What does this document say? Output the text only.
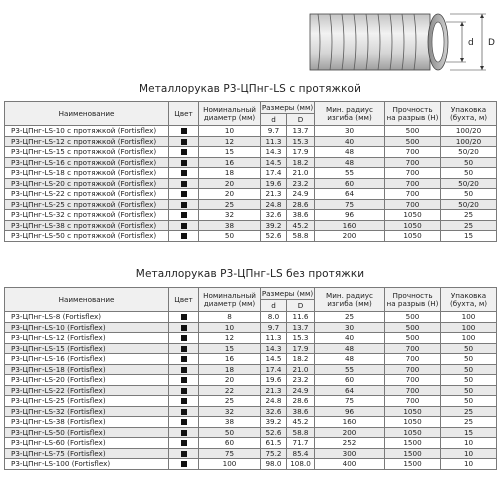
d D
Металлорукав Р3-ЦПнг-LS с протяжкой
Наименование	Цвет	Номинальный
диаметр (мм)	Размеры (мм)		Мин. радиус
изгиба (мм)	Прочность
на разрыв (Н)	Упаковка
(бухта, м)
			d	D			
Р3-ЦПнг-LS-10 с протяжкой (Fortisflex)		10	9.7	13.7	30	500	100/20
Р3-ЦПнг-LS-12 с протяжкой (Fortisflex)		12	11.3	15.3	40	500	100/20
Р3-ЦПнг-LS-15 с протяжкой (Fortisflex)		15	14.3	17.9	48	700	50/20
Р3-ЦПнг-LS-16 с протяжкой (Fortisflex)		16	14.5	18.2	48	700	50
Р3-ЦПнг-LS-18 с протяжкой (Fortisflex)		18	17.4	21.0	55	700	50
Р3-ЦПнг-LS-20 с протяжкой (Fortisflex)		20	19.6	23.2	60	700	50/20
Р3-ЦПнг-LS-22 с протяжкой (Fortisflex)		20	21.3	24.9	64	700	50
Р3-ЦПнг-LS-25 с протяжкой (Fortisflex)		25	24.8	28.6	75	700	50/20
Р3-ЦПнг-LS-32 с протяжкой (Fortisflex)		32	32.6	38.6	96	1050	25
Р3-ЦПнг-LS-38 с протяжкой (Fortisflex)		38	39.2	45.2	160	1050	25
Р3-ЦПнг-LS-50 с протяжкой (Fortisflex)		50	52.6	58.8	200	1050	15
Металлорукав Р3-ЦПнг-LS без протяжки
Наименование	Цвет	Номинальный
диаметр (мм)	Размеры (мм)		Мин. радиус
изгиба (мм)	Прочность
на разрыв (Н)	Упаковка
(бухта, м)
			d	D			
Р3-ЦПнг-LS-8 (Fortisflex)		8	8.0	11.6	25	500	100
Р3-ЦПнг-LS-10 (Fortisflex)		10	9.7	13.7	30	500	100
Р3-ЦПнг-LS-12 (Fortisflex)		12	11.3	15.3	40	500	100
Р3-ЦПнг-LS-15 (Fortisflex)		15	14.3	17.9	48	700	50
Р3-ЦПнг-LS-16 (Fortisflex)		16	14.5	18.2	48	700	50
Р3-ЦПнг-LS-18 (Fortisflex)		18	17.4	21.0	55	700	50
Р3-ЦПнг-LS-20 (Fortisflex)		20	19.6	23.2	60	700	50
Р3-ЦПнг-LS-22 (Fortisflex)		22	21.3	24.9	64	700	50
Р3-ЦПнг-LS-25 (Fortisflex)		25	24.8	28.6	75	700	50
Р3-ЦПнг-LS-32 (Fortisflex)		32	32.6	38.6	96	1050	25
Р3-ЦПнг-LS-38 (Fortisflex)		38	39.2	45.2	160	1050	25
Р3-ЦПнг-LS-50 (Fortisflex)		50	52.6	58.8	200	1050	15
Р3-ЦПнг-LS-60 (Fortisflex)		60	61.5	71.7	252	1500	10
Р3-ЦПнг-LS-75 (Fortisflex)		75	75.2	85.4	300	1500	10
Р3-ЦПнг-LS-100 (Fortisflex)		100	98.0	108.0	400	1500	10
